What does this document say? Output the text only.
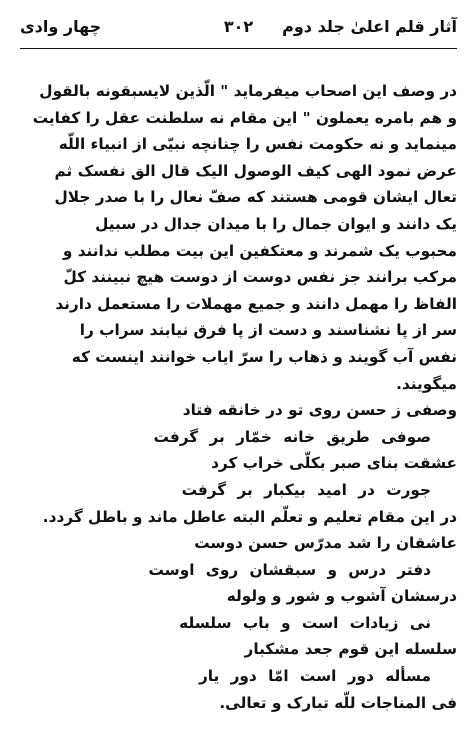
آثار قلم اعلیٰ جلد دوم
۳۰۲
چهار وادی

در وصف این اصحاب میفرماید " الّذین لایسبقونه بالقول

و هم بامره یعملون " این مقام نه سلطنت عقل را کفایت

مینماید و نه حکومت نفس را چنانچه نبیّی از انبیاء اللّه

عرض نمود الهی کیف الوصول الیک قال الق نفسک ثم

تعال ایشان قومی هستند که صفّ نعال را با صدر جلال

یک دانند و ایوان جمال را با میدان جدال در سبیل

محبوب یک شمرند و معتکفین این بیت مطلب ندانند و

مرکب برانند جز نفس دوست از دوست هیچ نبینند کلّ

الفاظ را مهمل دانند و جمیع مهملات را مستعمل دارند

سر از پا نشناسند و دست از پا فرق نیابند سراب را

نفس آب گویند و ذهاب را سرّ ایاب خوانند اینست که

میگویند.

وصفی ز حسن روی تو در خانقه فتاد

صوفی طریق خانه خمّار بر گرفت

عشقت بنای صبر بکلّی خراب کرد

جورت در امید بیکبار بر گرفت

در این مقام تعلیم و تعلّم البته عاطل ماند و باطل گردد.

عاشقان را شد مدرّس حسن دوست

دفتر درس و سبقشان روی اوست

درسشان آشوب و شور و ولوله

نی زیادات است و باب سلسله

سلسله این قوم جعد مشکبار

مسأله دور است امّا دور یار

فی المناجات للّه تبارک و تعالی.
